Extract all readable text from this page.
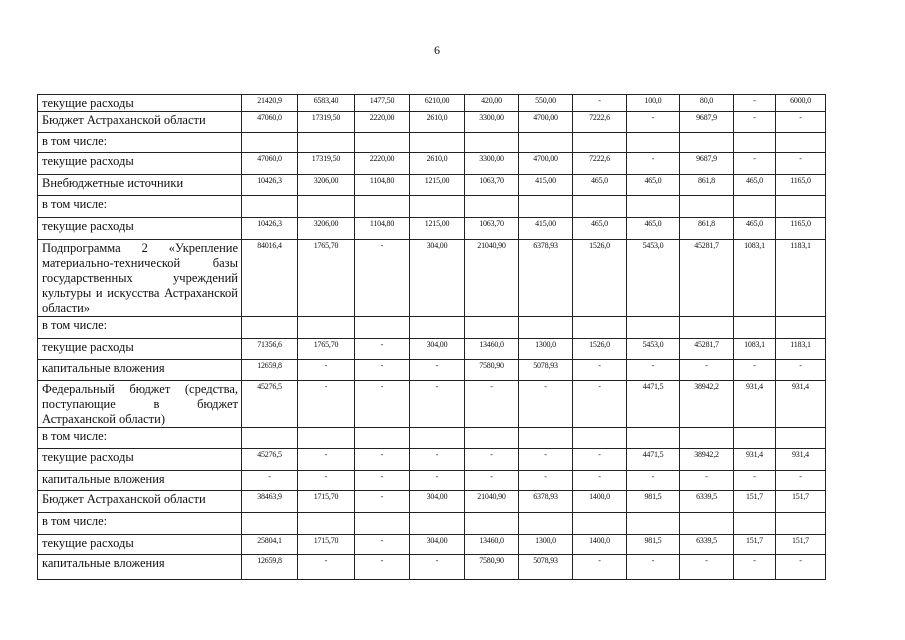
6
текущие расходы	21420,9	6583,40	1477,50	6210,00	420,00	550,00	-	100,0	80,0	-	6000,0
Бюджет Астраханской области	47060,0	17319,50	2220,00	2610,0	3300,00	4700,00	7222,6	-	9687,9	-	-
в том числе:											
текущие расходы	47060,0	17319,50	2220,00	2610,0	3300,00	4700,00	7222,6	-	9687,9	-	-
Внебюджетные источники	10426,3	3206,00	1104,80	1215,00	1063,70	415,00	465,0	465,0	861,8	465,0	1165,0
в том числе:											
текущие расходы	10426,3	3206,00	1104,80	1215,00	1063,70	415,00	465,0	465,0	861,8	465,0	1165,0
Подпрограмма 2 «Укрепление материально-технической базы государственных учреждений культуры и искусства Астраханской области»	84016,4	1765,70	-	304,00	21040,90	6378,93	1526,0	5453,0	45281,7	1083,1	1183,1
в том числе:											
текущие расходы	71356,6	1765,70	-	304,00	13460,0	1300,0	1526,0	5453,0	45281,7	1083,1	1183,1
капитальные вложения	12659,8	-	-	-	7580,90	5078,93	-	-	-	-	-
Федеральный бюджет (средства, поступающие в бюджет Астраханской области)	45276,5	-	-	-	-	-	-	4471,5	38942,2	931,4	931,4
в том числе:											
текущие расходы	45276,5	-	-	-	-	-	-	4471,5	38942,2	931,4	931,4
капитальные вложения	-	-	-	-	-	-	-	-	-	-	-
Бюджет Астраханской области	38463,9	1715,70	-	304,00	21040,90	6378,93	1400,0	981,5	6339,5	151,7	151,7
в том числе:											
текущие расходы	25804,1	1715,70	-	304,00	13460,0	1300,0	1400,0	981,5	6339,5	151,7	151,7
капитальные вложения	12659,8	-	-	-	7580,90	5078,93	-	-	-	-	-
